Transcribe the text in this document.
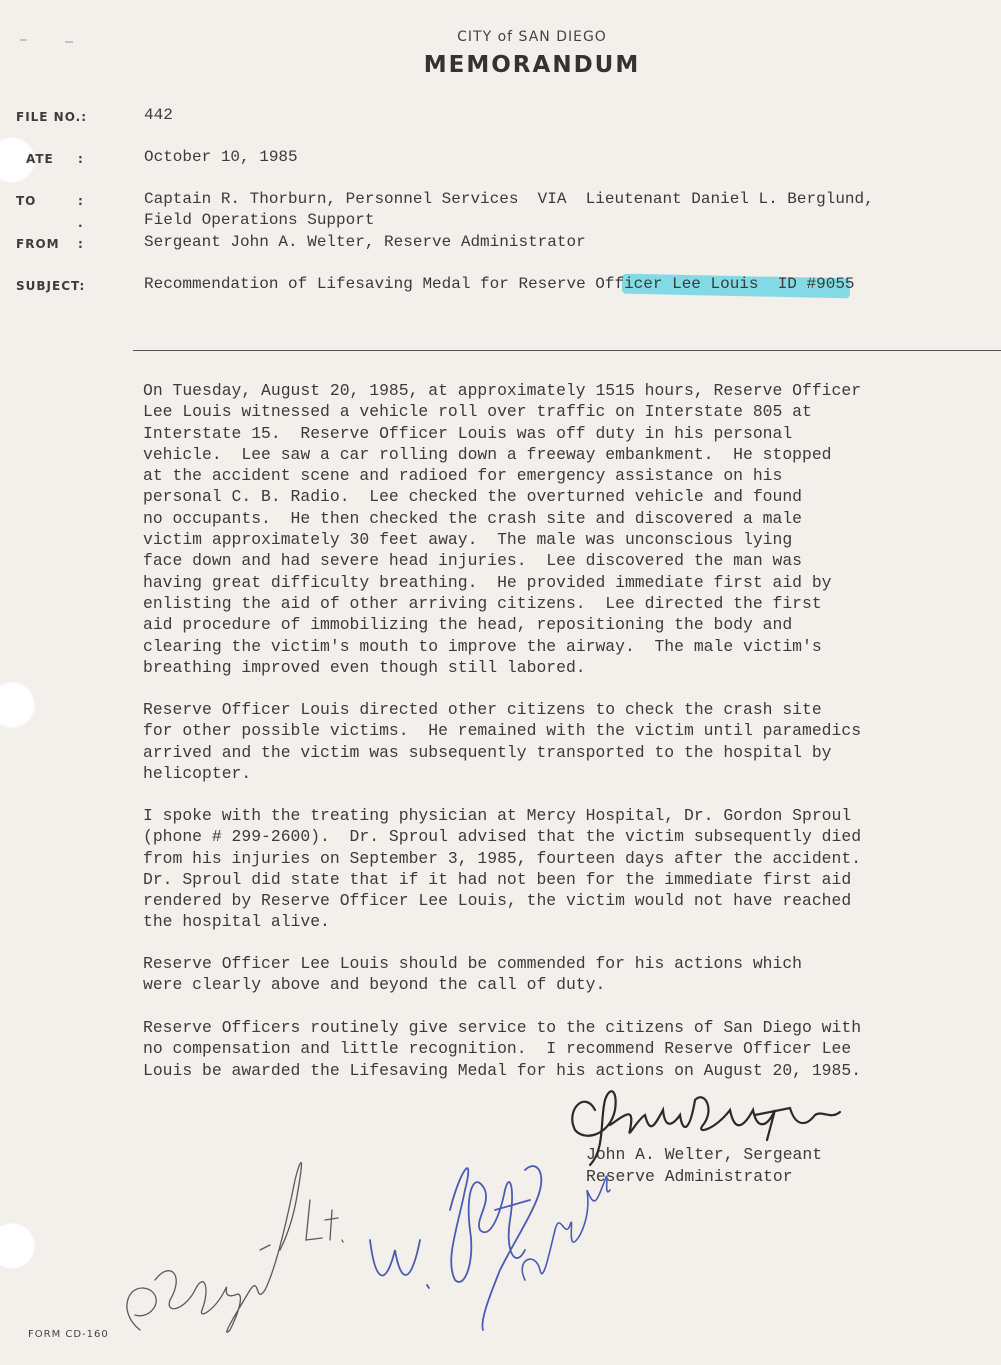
CITY of SAN DIEGO
MEMORANDUM
FILE NO.:	442
ATE :	October 10, 1985
TO	:	Captain R. Thorburn, Personnel Services  VIA  Lieutenant Daniel L. Berglund,
Field Operations Support
.
FROM :	Sergeant John A. Welter, Reserve Administrator
SUBJECT:	Recommendation of Lifesaving Medal for Reserve Officer Lee Louis  ID #9055
On Tuesday, August 20, 1985, at approximately 1515 hours, Reserve Officer
Lee Louis witnessed a vehicle roll over traffic on Interstate 805 at
Interstate 15.  Reserve Officer Louis was off duty in his personal
vehicle.  Lee saw a car rolling down a freeway embankment.  He stopped
at the accident scene and radioed for emergency assistance on his
personal C. B. Radio.  Lee checked the overturned vehicle and found
no occupants.  He then checked the crash site and discovered a male
victim approximately 30 feet away.  The male was unconscious lying
face down and had severe head injuries.  Lee discovered the man was
having great difficulty breathing.  He provided immediate first aid by
enlisting the aid of other arriving citizens.  Lee directed the first
aid procedure of immobilizing the head, repositioning the body and
clearing the victim's mouth to improve the airway.  The male victim's
breathing improved even though still labored.
Reserve Officer Louis directed other citizens to check the crash site
for other possible victims.  He remained with the victim until paramedics
arrived and the victim was subsequently transported to the hospital by
helicopter.
I spoke with the treating physician at Mercy Hospital, Dr. Gordon Sproul
(phone # 299-2600).  Dr. Sproul advised that the victim subsequently died
from his injuries on September 3, 1985, fourteen days after the accident.
Dr. Sproul did state that if it had not been for the immediate first aid
rendered by Reserve Officer Lee Louis, the victim would not have reached
the hospital alive.
Reserve Officer Lee Louis should be commended for his actions which
were clearly above and beyond the call of duty.
Reserve Officers routinely give service to the citizens of San Diego with
no compensation and little recognition.  I recommend Reserve Officer Lee
Louis be awarded the Lifesaving Medal for his actions on August 20, 1985.
John A. Welter, Sergeant
Reserve Administrator
FORM CD-160
